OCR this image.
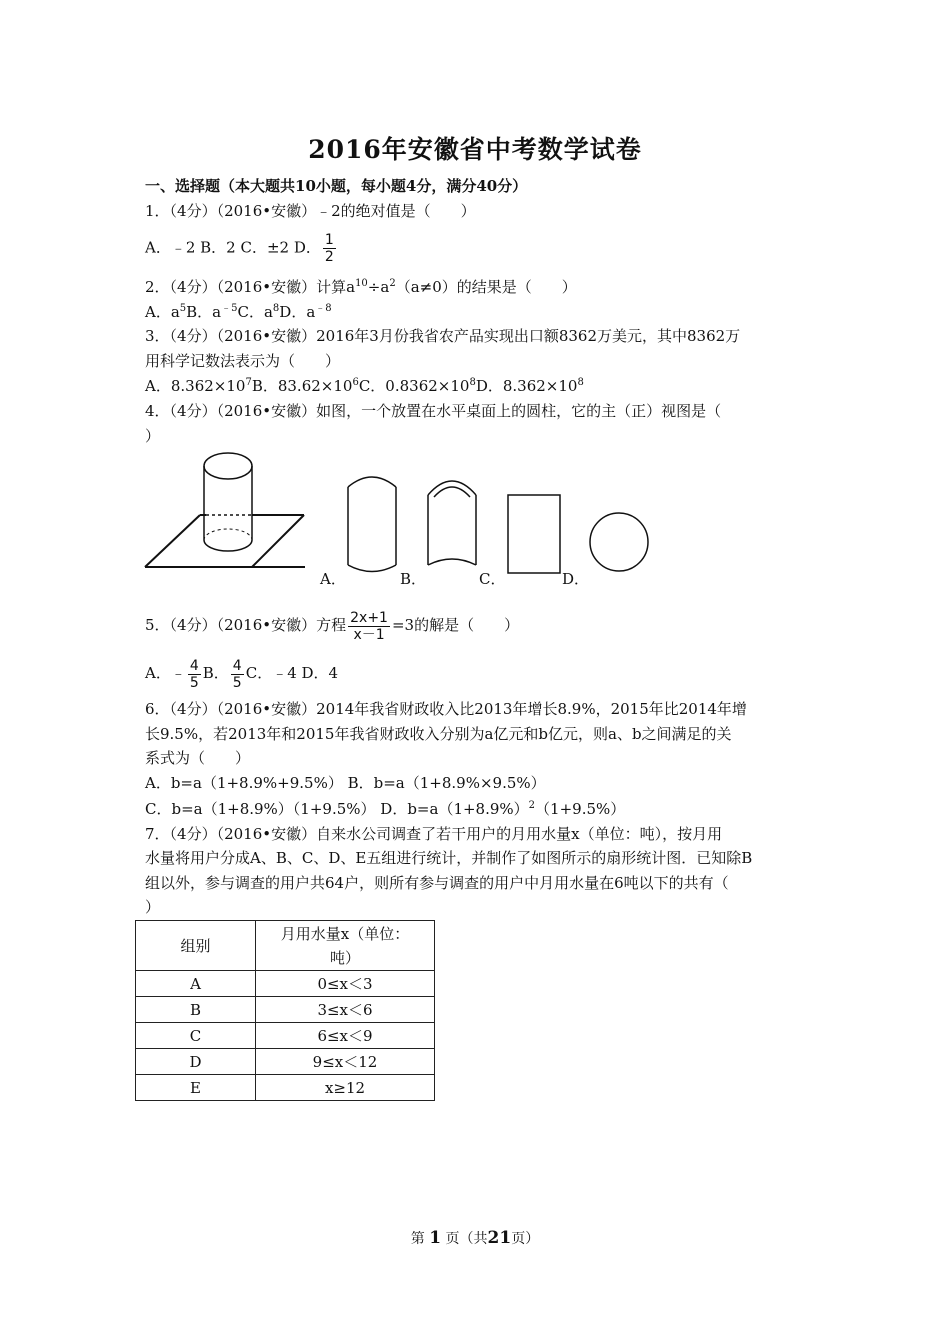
2016年安徽省中考数学试卷
一、选择题（本大题共10小题，每小题4分，满分40分）
1．（4分）（2016•安徽）﹣2的绝对值是（　　）
A．﹣2 B．2 C．±2 D． $\frac{1}{2}$
2．（4分）（2016•安徽）计算$a^{10}\div a^2(a\ne 0)$的结果是（　　）
A．$a^5B$．$a^{﹣5}C$．$a^8D$．$a^{﹣8}$
3．（4分）（2016•安徽）2016年3月份我省农产品实现出口额8362万美元，其中8362万
用科学记数法表示为（　　）
A．$8.362\times 10^7B$．$83.62\times 10^6C$．$0.8362\times 10^8D$．$8.362\times 10^8$
4．（4分）（2016•安徽）如图，一个放置在水平桌面上的圆柱，它的主（正）视图是（
）
A．	B．	C．	D．
5．（4分）（2016•安徽）方程 $\frac{2x+1}{x-1} =3$的解是（　　）
A．﹣ $\frac{4}{5}$ B． $\frac{4}{5}$ C．﹣4 D．4
6．（4分）（2016•安徽）2014年我省财政收入比2013年增长8.9%，2015年比2014年增
长9.5%，若2013年和2015年我省财政收入分别为a亿元和b亿元，则a、b之间满足的关
系式为（　　）
A．b=a（1+8.9%+9.5%） B．b=a（1+8.9%×9.5%）
C．b=a（1+8.9%）（1+9.5%） D．$b=a(1+8.9\%)^2(1+9.5\%)$
7．（4分）（2016•安徽）自来水公司调查了若干用户的月用水量x（单位：吨），按月用
水量将用户分成A、B、C、D、E五组进行统计，并制作了如图所示的扇形统计图．已知除B
组以外，参与调查的用户共64户，则所有参与调查的用户中月用水量在6吨以下的共有（
）
组别	月用水量x（单位：
吨）
A	0≤x＜3
B	3≤x＜6
C	6≤x＜9
D	9≤x＜12
E	x≥12
第 1 页（共21页）
